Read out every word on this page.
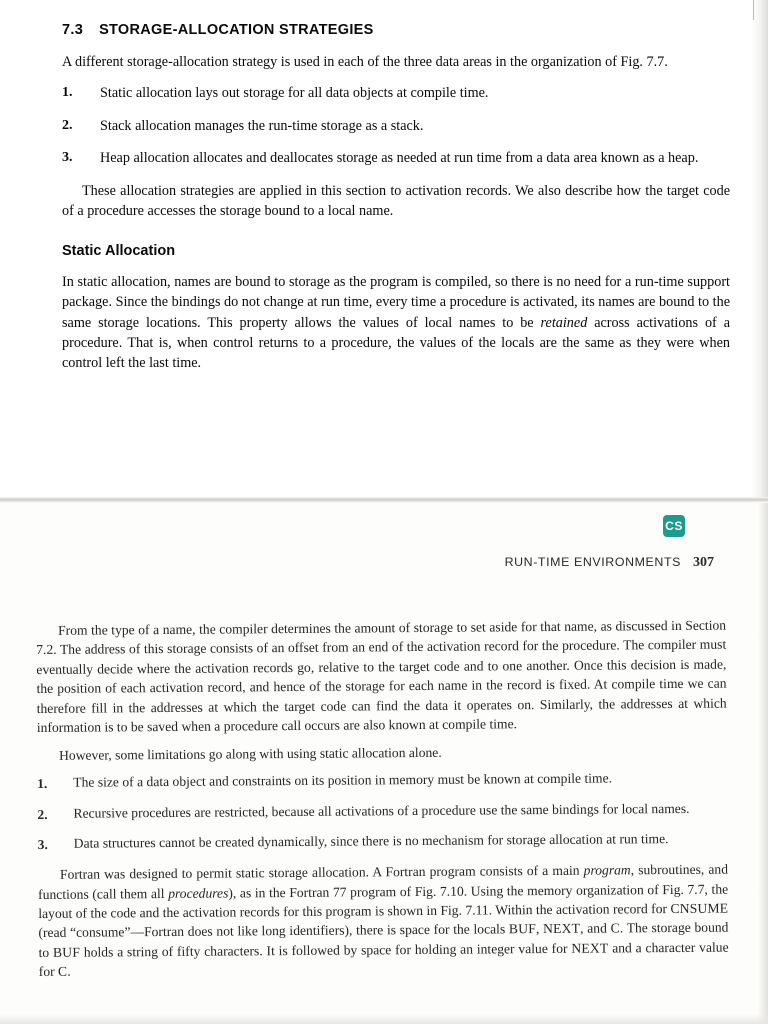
7.3 STORAGE-ALLOCATION STRATEGIES

A different storage-allocation strategy is used in each of the three data areas in the organization of Fig. 7.7.

1. Static allocation lays out storage for all data objects at compile time.
2. Stack allocation manages the run-time storage as a stack.
3. Heap allocation allocates and deallocates storage as needed at run time from a data area known as a heap.

These allocation strategies are applied in this section to activation records. We also describe how the target code of a procedure accesses the storage bound to a local name.

Static Allocation

In static allocation, names are bound to storage as the program is compiled, so there is no need for a run-time support package. Since the bindings do not change at run time, every time a procedure is activated, its names are bound to the same storage locations. This property allows the values of local names to be retained across activations of a procedure. That is, when control returns to a procedure, the values of the locals are the same as they were when control left the last time.

CS
RUN-TIME ENVIRONMENTS 307

From the type of a name, the compiler determines the amount of storage to set aside for that name, as discussed in Section 7.2. The address of this storage consists of an offset from an end of the activation record for the procedure. The compiler must eventually decide where the activation records go, relative to the target code and to one another. Once this decision is made, the position of each activation record, and hence of the storage for each name in the record is fixed. At compile time we can therefore fill in the addresses at which the target code can find the data it operates on. Similarly, the addresses at which information is to be saved when a procedure call occurs are also known at compile time.

However, some limitations go along with using static allocation alone.

1. The size of a data object and constraints on its position in memory must be known at compile time.
2. Recursive procedures are restricted, because all activations of a procedure use the same bindings for local names.
3. Data structures cannot be created dynamically, since there is no mechanism for storage allocation at run time.

Fortran was designed to permit static storage allocation. A Fortran program consists of a main program, subroutines, and functions (call them all procedures), as in the Fortran 77 program of Fig. 7.10. Using the memory organization of Fig. 7.7, the layout of the code and the activation records for this program is shown in Fig. 7.11. Within the activation record for CNSUME (read “consume”—Fortran does not like long identifiers), there is space for the locals BUF, NEXT, and C. The storage bound to BUF holds a string of fifty characters. It is followed by space for holding an integer value for NEXT and a character value for C.
